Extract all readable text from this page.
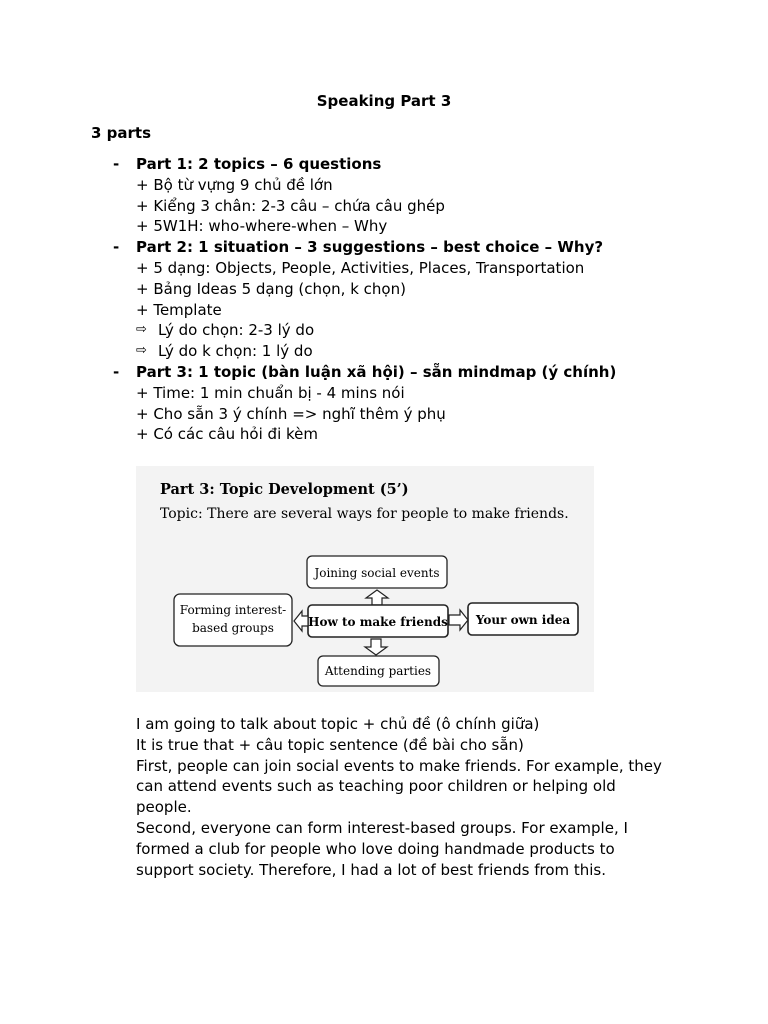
Speaking Part 3
3 parts
- Part 1: 2 topics – 6 questions
+ Bộ từ vựng 9 chủ đề lớn
+ Kiểng 3 chân: 2-3 câu – chứa câu ghép
+ 5W1H: who-where-when – Why
- Part 2: 1 situation – 3 suggestions – best choice – Why?
+ 5 dạng: Objects, People, Activities, Places, Transportation
+ Bảng Ideas 5 dạng (chọn, k chọn)
+ Template
⇨ Lý do chọn: 2-3 lý do
⇨ Lý do k chọn: 1 lý do
- Part 3: 1 topic (bàn luận xã hội) – sẵn mindmap (ý chính)
+ Time: 1 min chuẩn bị - 4 mins nói
+ Cho sẵn 3 ý chính => nghĩ thêm ý phụ
+ Có các câu hỏi đi kèm
Part 3: Topic Development (5’)
Topic: There are several ways for people to make friends.
Joining social events
How to make friends
Forming interest-
based groups
Your own idea
Attending parties

I am going to talk about topic + chủ đề (ô chính giữa)

It is true that + câu topic sentence (đề bài cho sẵn)

First, people can join social events to make friends. For example, they can attend events such as teaching poor children or helping old people.

Second, everyone can form interest-based groups. For example, I formed a club for people who love doing handmade products to support society. Therefore, I had a lot of best friends from this.
